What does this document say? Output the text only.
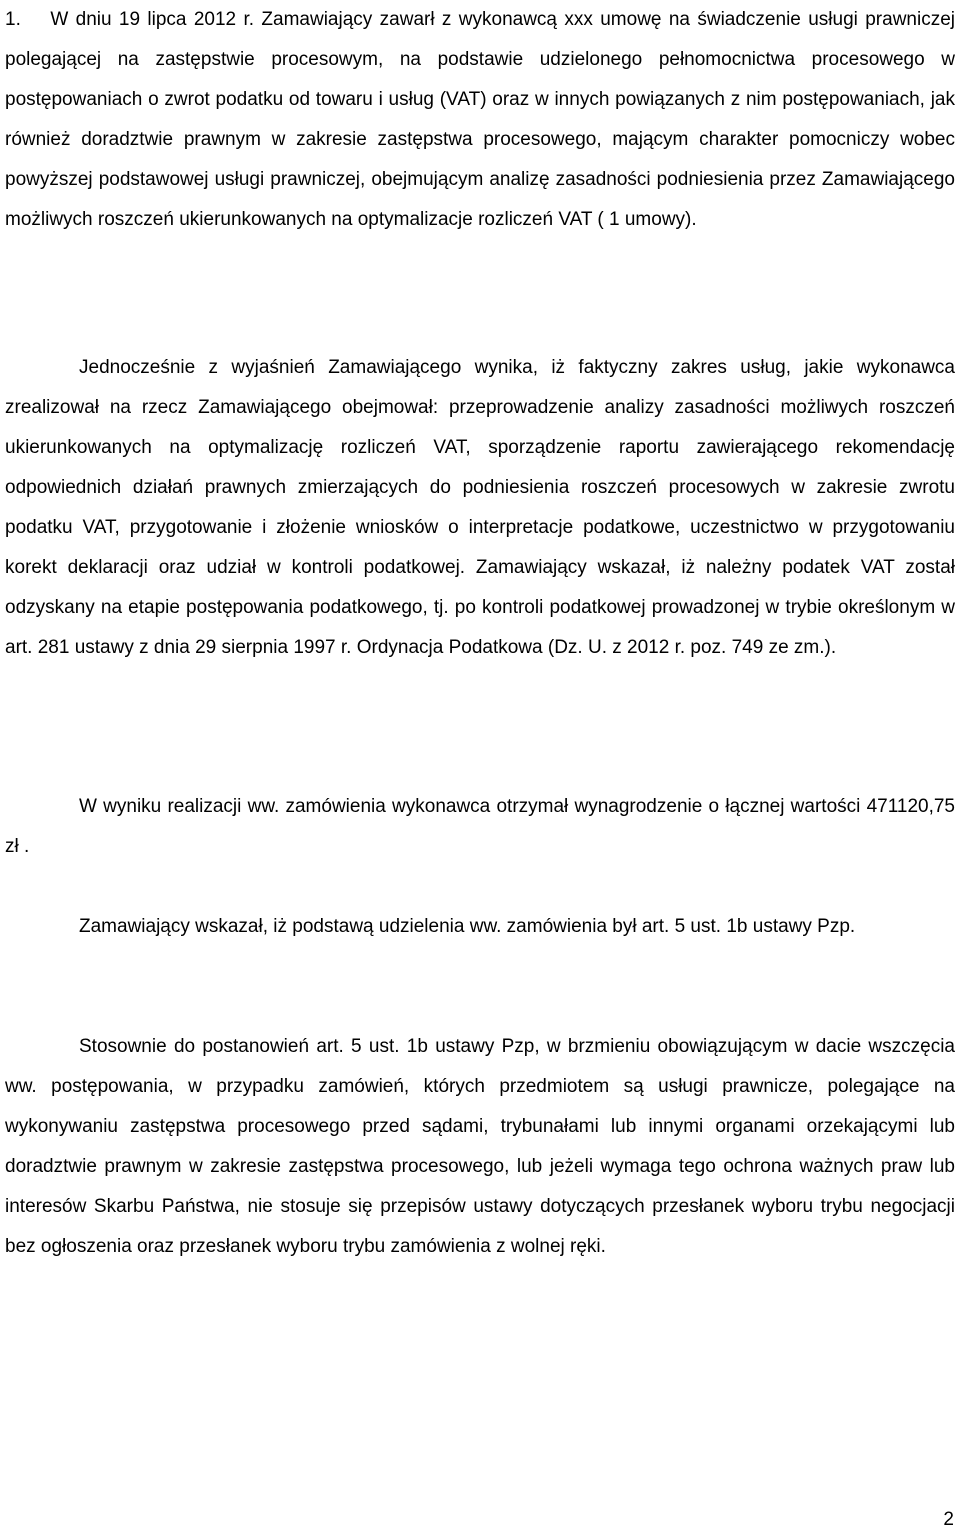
1.    W dniu 19 lipca 2012 r. Zamawiający zawarł z wykonawcą xxx umowę na świadczenie usługi prawniczej polegającej na zastępstwie procesowym, na podstawie udzielonego pełnomocnictwa procesowego w postępowaniach o zwrot podatku od towaru i usług (VAT) oraz w innych powiązanych z nim postępowaniach, jak również doradztwie prawnym w zakresie zastępstwa procesowego, mającym charakter pomocniczy wobec powyższej podstawowej usługi prawniczej, obejmującym analizę zasadności podniesienia przez Zamawiającego możliwych roszczeń ukierunkowanych na optymalizacje rozliczeń VAT ( 1 umowy).

Jednocześnie z wyjaśnień Zamawiającego wynika, iż faktyczny zakres usług, jakie wykonawca zrealizował na rzecz Zamawiającego obejmował: przeprowadzenie analizy zasadności możliwych roszczeń ukierunkowanych na optymalizację rozliczeń VAT, sporządzenie raportu zawierającego rekomendację odpowiednich działań prawnych zmierzających do podniesienia roszczeń procesowych w zakresie zwrotu podatku VAT, przygotowanie i złożenie wniosków o interpretacje podatkowe, uczestnictwo w przygotowaniu korekt deklaracji oraz udział w kontroli podatkowej. Zamawiający wskazał, iż należny podatek VAT został odzyskany na etapie postępowania podatkowego, tj. po kontroli podatkowej prowadzonej w trybie określonym w art. 281 ustawy z dnia 29 sierpnia 1997 r. Ordynacja Podatkowa (Dz. U. z 2012 r. poz. 749 ze zm.).

W wyniku realizacji ww. zamówienia wykonawca otrzymał wynagrodzenie o łącznej wartości 471120,75 zł .

Zamawiający wskazał, iż podstawą udzielenia ww. zamówienia był art. 5 ust. 1b ustawy Pzp.

Stosownie do postanowień art. 5 ust. 1b ustawy Pzp, w brzmieniu obowiązującym w dacie wszczęcia ww. postępowania, w przypadku zamówień, których przedmiotem są usługi prawnicze, polegające na wykonywaniu zastępstwa procesowego przed sądami, trybunałami lub innymi organami orzekającymi lub doradztwie prawnym w zakresie zastępstwa procesowego, lub jeżeli wymaga tego ochrona ważnych praw lub interesów Skarbu Państwa, nie stosuje się przepisów ustawy dotyczących przesłanek wyboru trybu negocjacji bez ogłoszenia oraz przesłanek wyboru trybu zamówienia z wolnej ręki.

2
